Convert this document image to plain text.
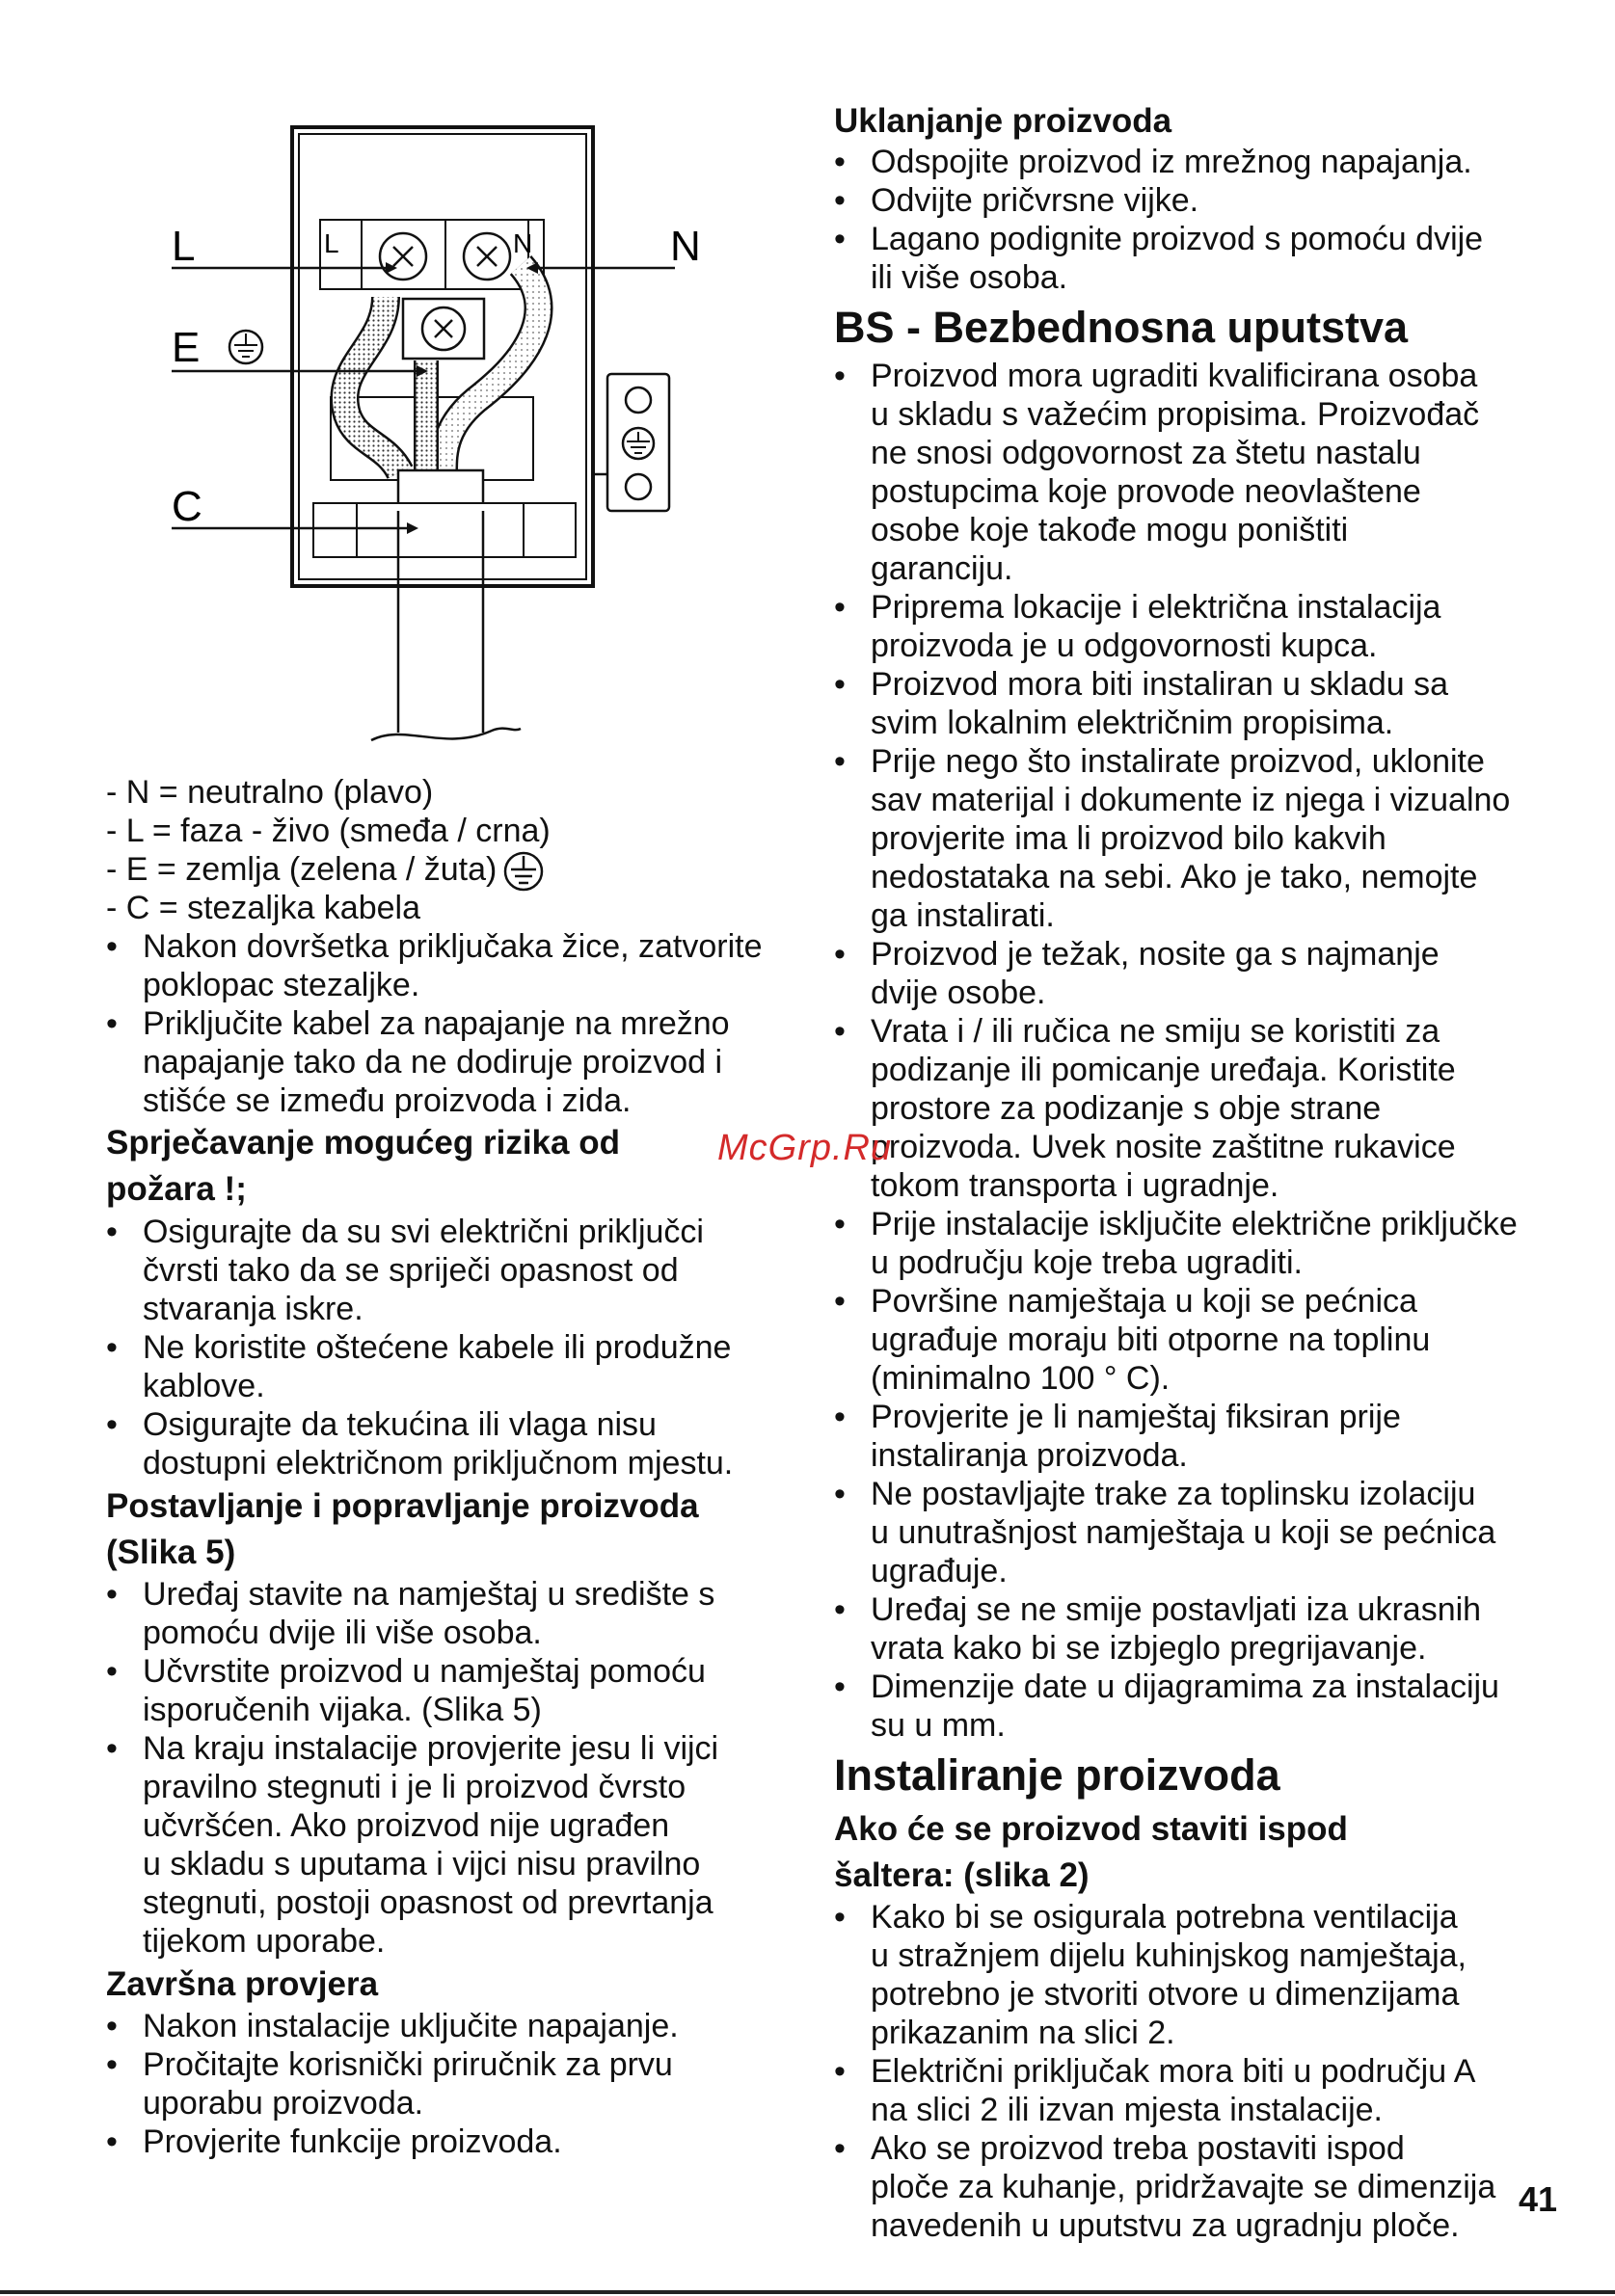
L	N
L
E
C
N
- N = neutralno (plavo)
- L = faza - živo (smeđa / crna)
- E = zemlja (zelena / žuta)
- C = stezaljka kabela
• Nakon dovršetka priključaka žice, zatvorite
poklopac stezaljke.
• Priključite kabel za napajanje na mrežno
napajanje tako da ne dodiruje proizvod i
stišće se između proizvoda i zida.
Sprječavanje mogućeg rizika od
požara !;
• Osigurajte da su svi električni priključci
čvrsti tako da se spriječi opasnost od
stvaranja iskre.
• Ne koristite oštećene kabele ili produžne
kablove.
• Osigurajte da tekućina ili vlaga nisu
dostupni električnom priključnom mjestu.
Postavljanje i popravljanje proizvoda
(Slika 5)
• Uređaj stavite na namještaj u središte s
pomoću dvije ili više osoba.
• Učvrstite proizvod u namještaj pomoću
isporučenih vijaka. (Slika 5)
• Na kraju instalacije provjerite jesu li vijci
pravilno stegnuti i je li proizvod čvrsto
učvršćen. Ako proizvod nije ugrađen
u skladu s uputama i vijci nisu pravilno
stegnuti, postoji opasnost od prevrtanja
tijekom uporabe.
Završna provjera
• Nakon instalacije uključite napajanje.
• Pročitajte korisnički priručnik za prvu
uporabu proizvoda.
• Provjerite funkcije proizvoda.
Uklanjanje proizvoda
• Odspojite proizvod iz mrežnog napajanja.
• Odvijte pričvrsne vijke.
• Lagano podignite proizvod s pomoću dvije
ili više osoba.
BS - Bezbednosna uputstva
• Proizvod mora ugraditi kvalificirana osoba
u skladu s važećim propisima. Proizvođač
ne snosi odgovornost za štetu nastalu
postupcima koje provode neovlaštene
osobe koje takođe mogu poništiti
garanciju.
• Priprema lokacije i električna instalacija
proizvoda je u odgovornosti kupca.
• Proizvod mora biti instaliran u skladu sa
svim lokalnim električnim propisima.
• Prije nego što instalirate proizvod, uklonite
sav materijal i dokumente iz njega i vizualno
provjerite ima li proizvod bilo kakvih
nedostataka na sebi. Ako je tako, nemojte
ga instalirati.
• Proizvod je težak, nosite ga s najmanje
dvije osobe.
• Vrata i / ili ručica ne smiju se koristiti za
podizanje ili pomicanje uređaja. Koristite
prostore za podizanje s obje strane
proizvoda. Uvek nosite zaštitne rukavice
tokom transporta i ugradnje.
• Prije instalacije isključite električne priključke
u području koje treba ugraditi.
• Površine namještaja u koji se pećnica
ugrađuje moraju biti otporne na toplinu
(minimalno 100 ° C).
• Provjerite je li namještaj fiksiran prije
instaliranja proizvoda.
• Ne postavljajte trake za toplinsku izolaciju
u unutrašnjost namještaja u koji se pećnica
ugrađuje.
• Uređaj se ne smije postavljati iza ukrasnih
vrata kako bi se izbjeglo pregrijavanje.
• Dimenzije date u dijagramima za instalaciju
su u mm.
Instaliranje proizvoda
Ako će se proizvod staviti ispod
šaltera: (slika 2)
• Kako bi se osigurala potrebna ventilacija
u stražnjem dijelu kuhinjskog namještaja,
potrebno je stvoriti otvore u dimenzijama
prikazanim na slici 2.
• Električni priključak mora biti u području A
na slici 2 ili izvan mjesta instalacije.
• Ako se proizvod treba postaviti ispod
ploče za kuhanje, pridržavajte se dimenzija
navedenih u uputstvu za ugradnju ploče.
McGrp.Ru
41
